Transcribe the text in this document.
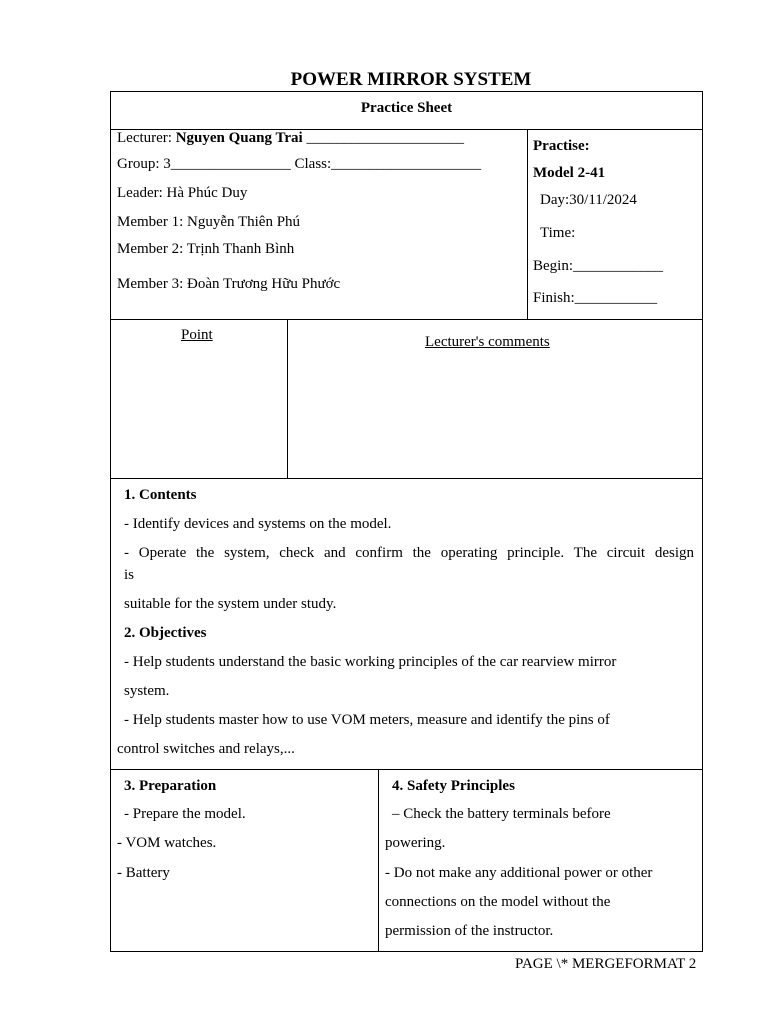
POWER MIRROR SYSTEM
Practice Sheet
Lecturer: Nguyen Quang Trai _____________________
Group: 3________________ Class:____________________
Leader: Hà Phúc Duy
Member 1: Nguyễn Thiên Phú
Member 2: Trịnh Thanh Bình
Member 3: Đoàn Trương Hữu Phước
Practise:
Model 2-41
Day:30/11/2024
Time:
Begin:____________
Finish:___________
Point	Lecturer's comments
1. Contents
- Identify devices and systems on the model.
- Operate the system, check and confirm the operating principle. The circuit design
is
suitable for the system under study.
2. Objectives
- Help students understand the basic working principles of the car rearview mirror
system.
- Help students master how to use VOM meters, measure and identify the pins of
control switches and relays,...
3. Preparation
- Prepare the model.
- VOM watches.
- Battery
4. Safety Principles
– Check the battery terminals before
powering.
- Do not make any additional power or other
connections on the model without the
permission of the instructor.
PAGE \* MERGEFORMAT 2
